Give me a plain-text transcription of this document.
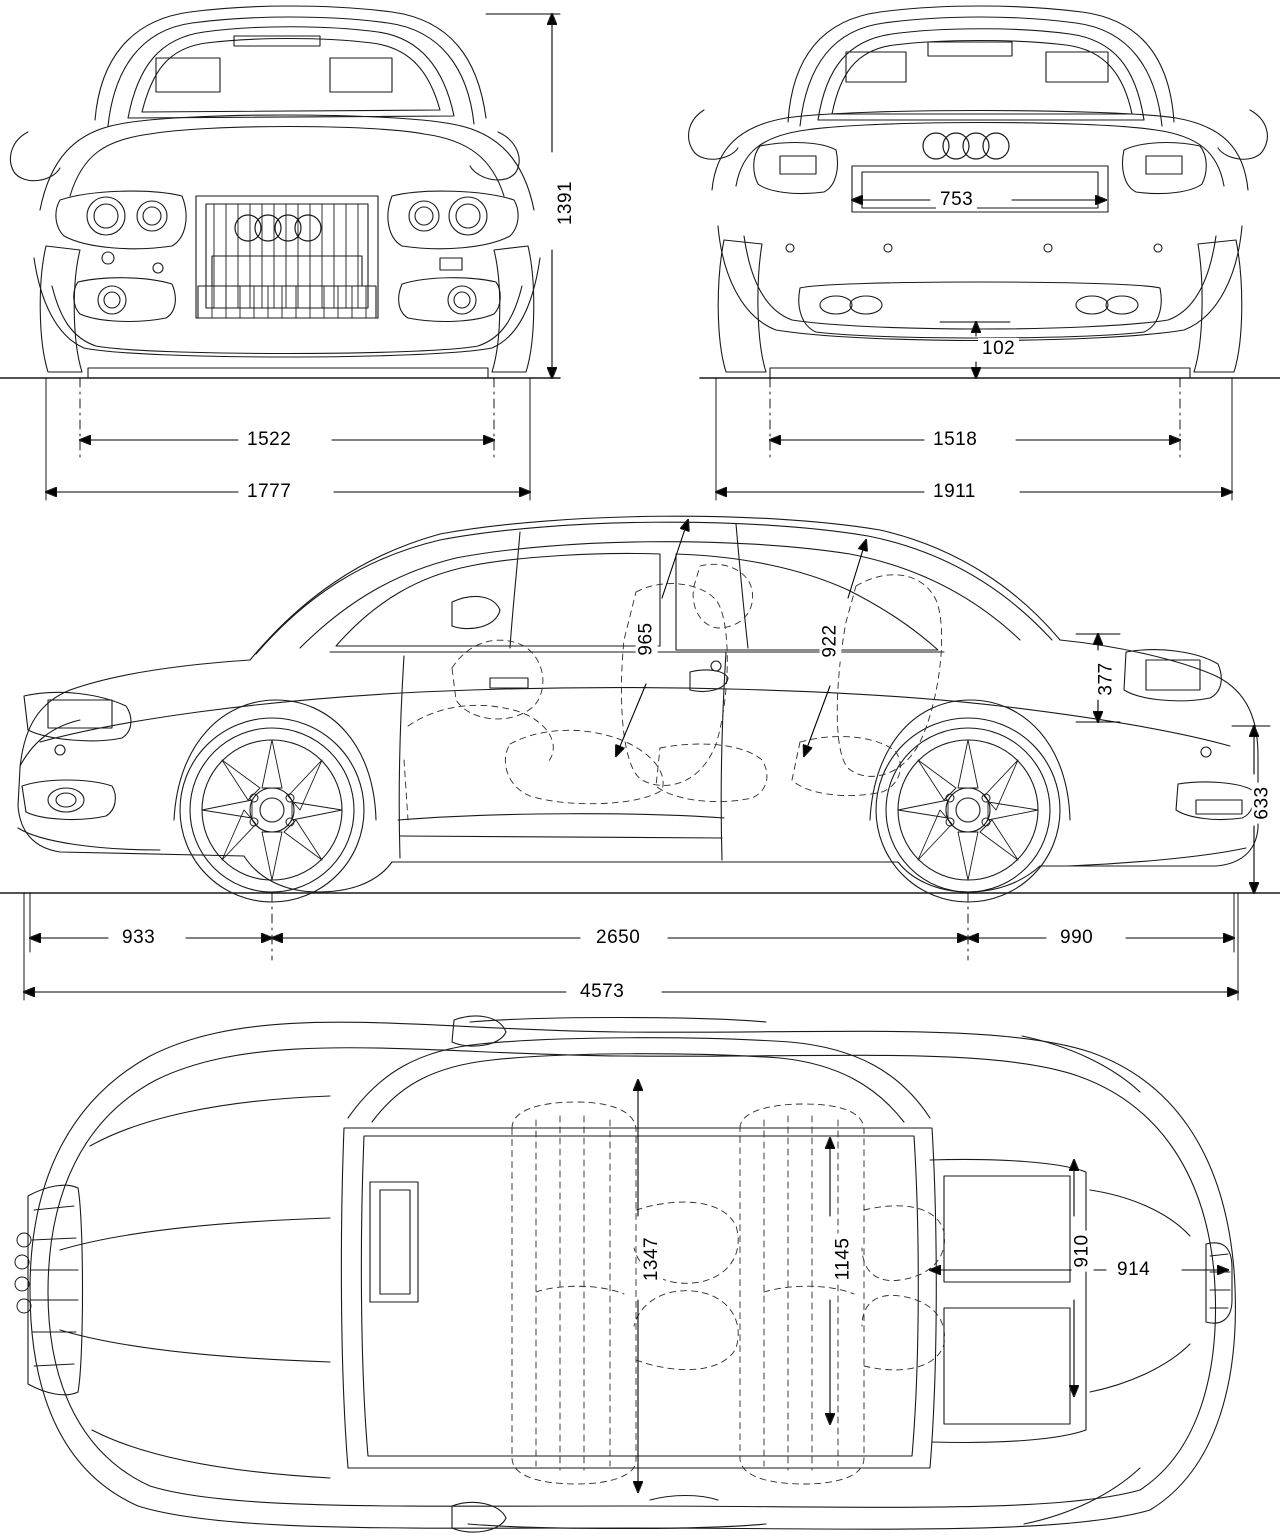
1391
1522
1777
753
102
1518
1911
965	922
377
633
933	2650	990
4573
1347	1145	910
914
